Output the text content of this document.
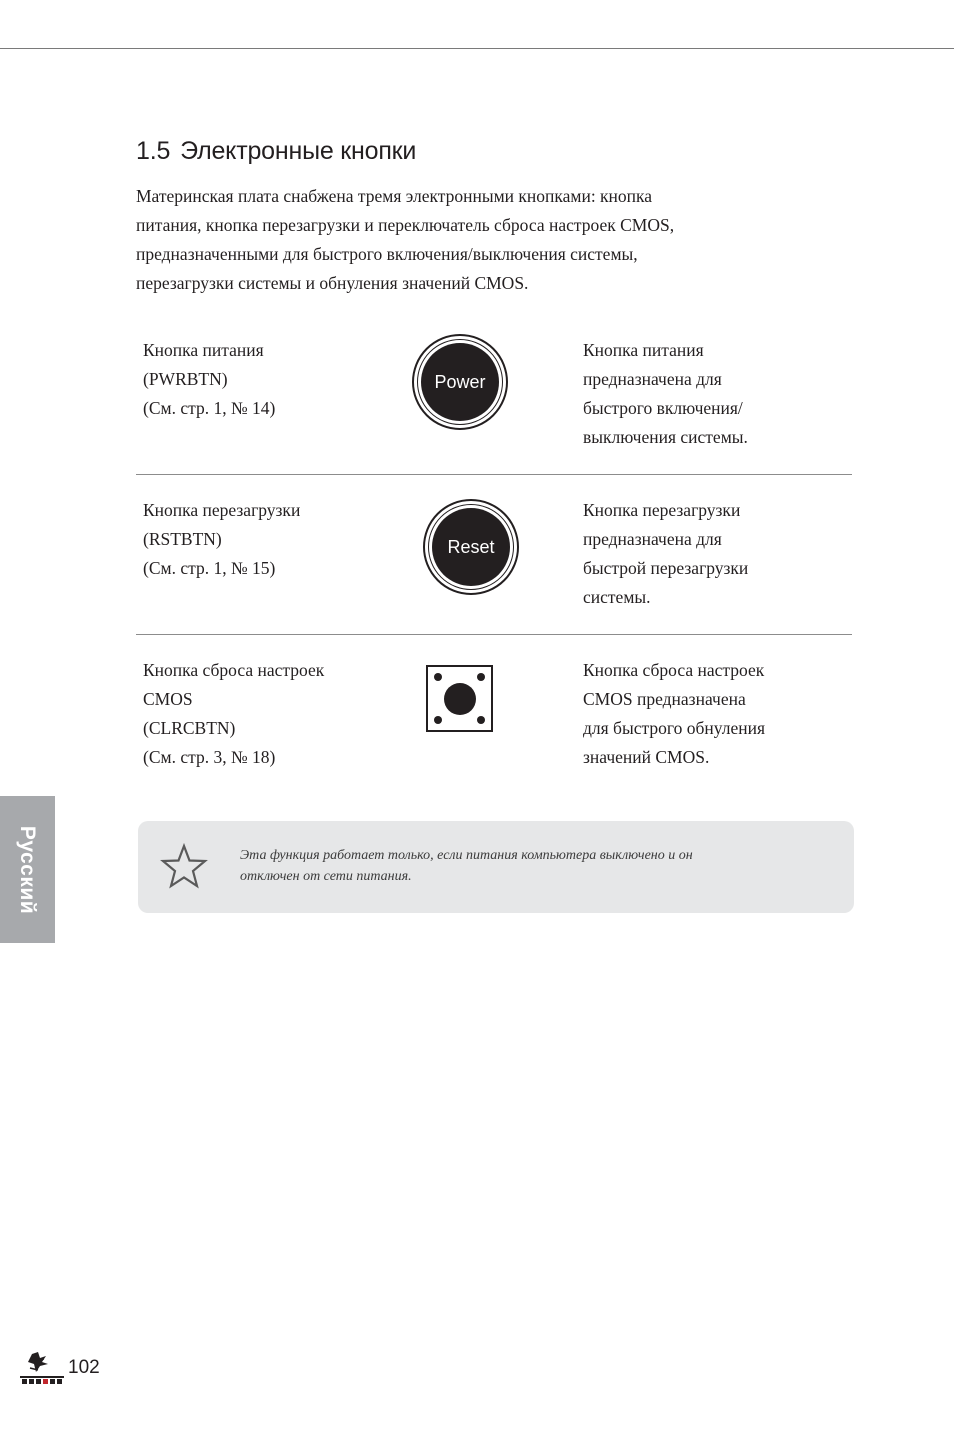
1.5 Электронные кнопки

Материнская плата снабжена тремя электронными кнопками: кнопка
питания, кнопка перезагрузки и переключатель сброса настроек CMOS,
предназначенными для быстрого включения/выключения системы,
перезагрузки системы и обнуления значений CMOS.

Кнопка питания
(PWRBTN)
(См. стр. 1, № 14)
Кнопка питания
предназначена для
быстрого включения/
выключения системы.
Power
Кнопка перезагрузки
(RSTBTN)
(См. стр. 1, № 15)
Кнопка перезагрузки
предназначена для
быстрой перезагрузки
системы.
Reset
Кнопка сброса настроек
CMOS
(CLRCBTN)
(См. стр. 3, № 18)
Кнопка сброса настроек
CMOS предназначена
для быстрого обнуления
значений CMOS.
Эта функция работает только, если питания компьютера выключено и он
отключен от сети питания.
Русский
102
